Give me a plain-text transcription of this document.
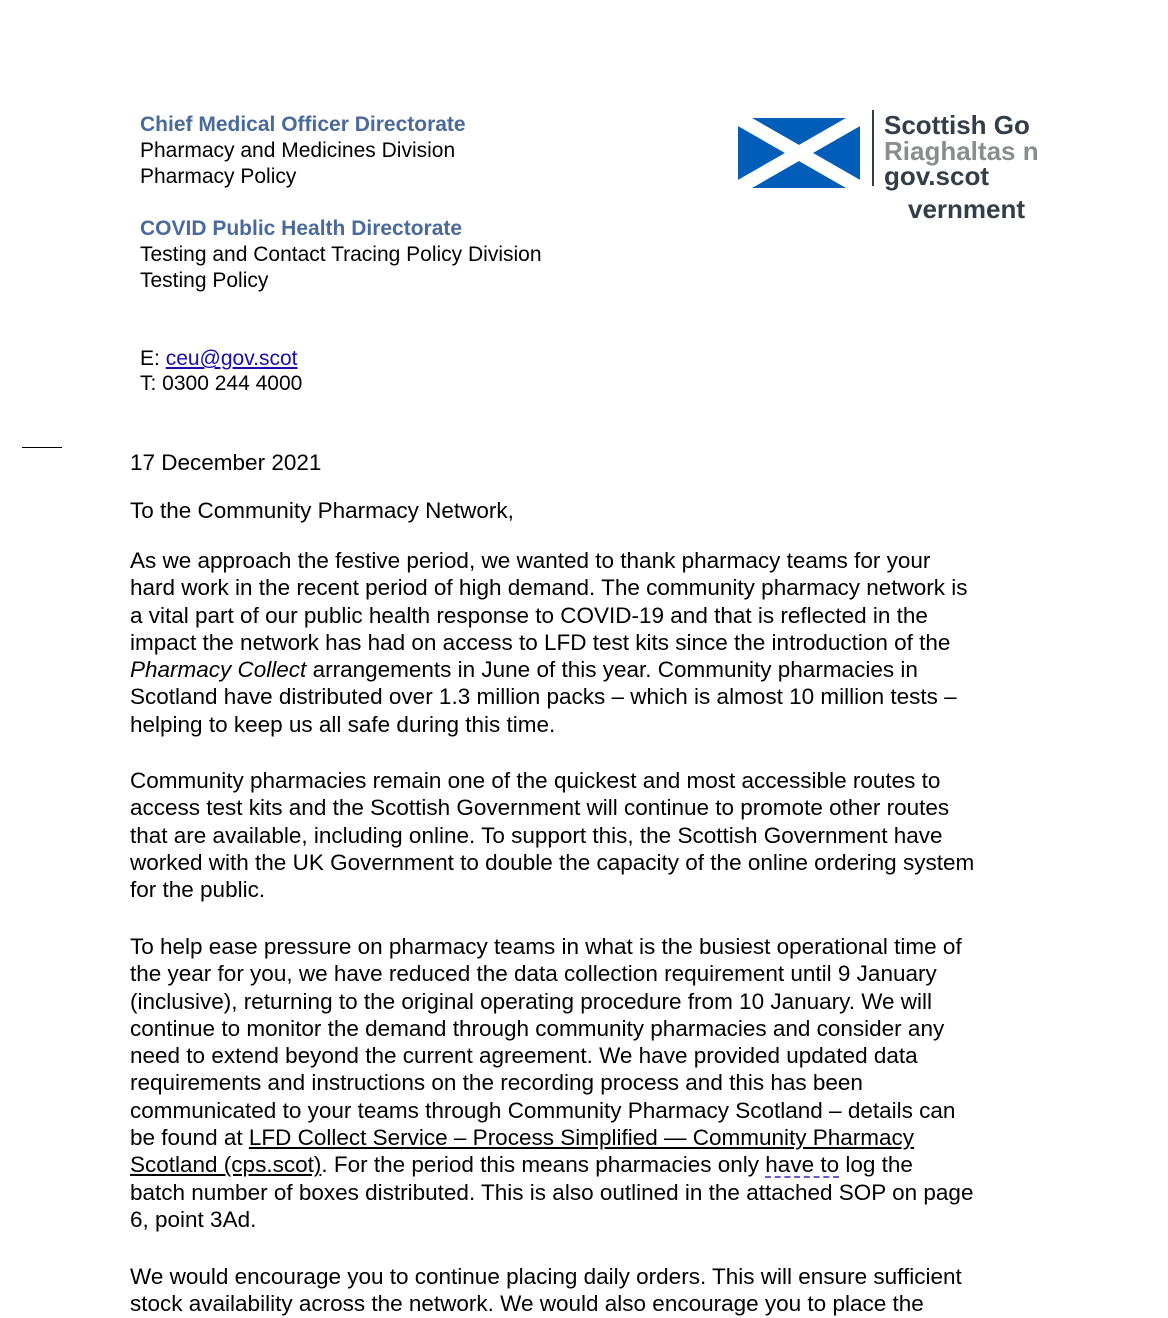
Chief Medical Officer Directorate
Pharmacy and Medicines Division
Pharmacy Policy
COVID Public Health Directorate
Testing and Contact Tracing Policy Division
Testing Policy
Scottish Go
Riaghaltas n
gov.scot
vernment
E: ceu@gov.scot
T: 0300 244 4000

17 December 2021

To the Community Pharmacy Network,

As we approach the festive period, we wanted to thank pharmacy teams for your
hard work in the recent period of high demand. The community pharmacy network is
a vital part of our public health response to COVID-19 and that is reflected in the
impact the network has had on access to LFD test kits since the introduction of the
Pharmacy Collect arrangements in June of this year. Community pharmacies in
Scotland have distributed over 1.3 million packs – which is almost 10 million tests –
helping to keep us all safe during this time.

Community pharmacies remain one of the quickest and most accessible routes to
access test kits and the Scottish Government will continue to promote other routes
that are available, including online. To support this, the Scottish Government have
worked with the UK Government to double the capacity of the online ordering system
for the public.

To help ease pressure on pharmacy teams in what is the busiest operational time of
the year for you, we have reduced the data collection requirement until 9 January
(inclusive), returning to the original operating procedure from 10 January. We will
continue to monitor the demand through community pharmacies and consider any
need to extend beyond the current agreement. We have provided updated data
requirements and instructions on the recording process and this has been
communicated to your teams through Community Pharmacy Scotland – details can
be found at LFD Collect Service – Process Simplified — Community Pharmacy
Scotland (cps.scot). For the period this means pharmacies only have to log the
batch number of boxes distributed. This is also outlined in the attached SOP on page
6, point 3Ad.

We would encourage you to continue placing daily orders. This will ensure sufficient
stock availability across the network. We would also encourage you to place the
